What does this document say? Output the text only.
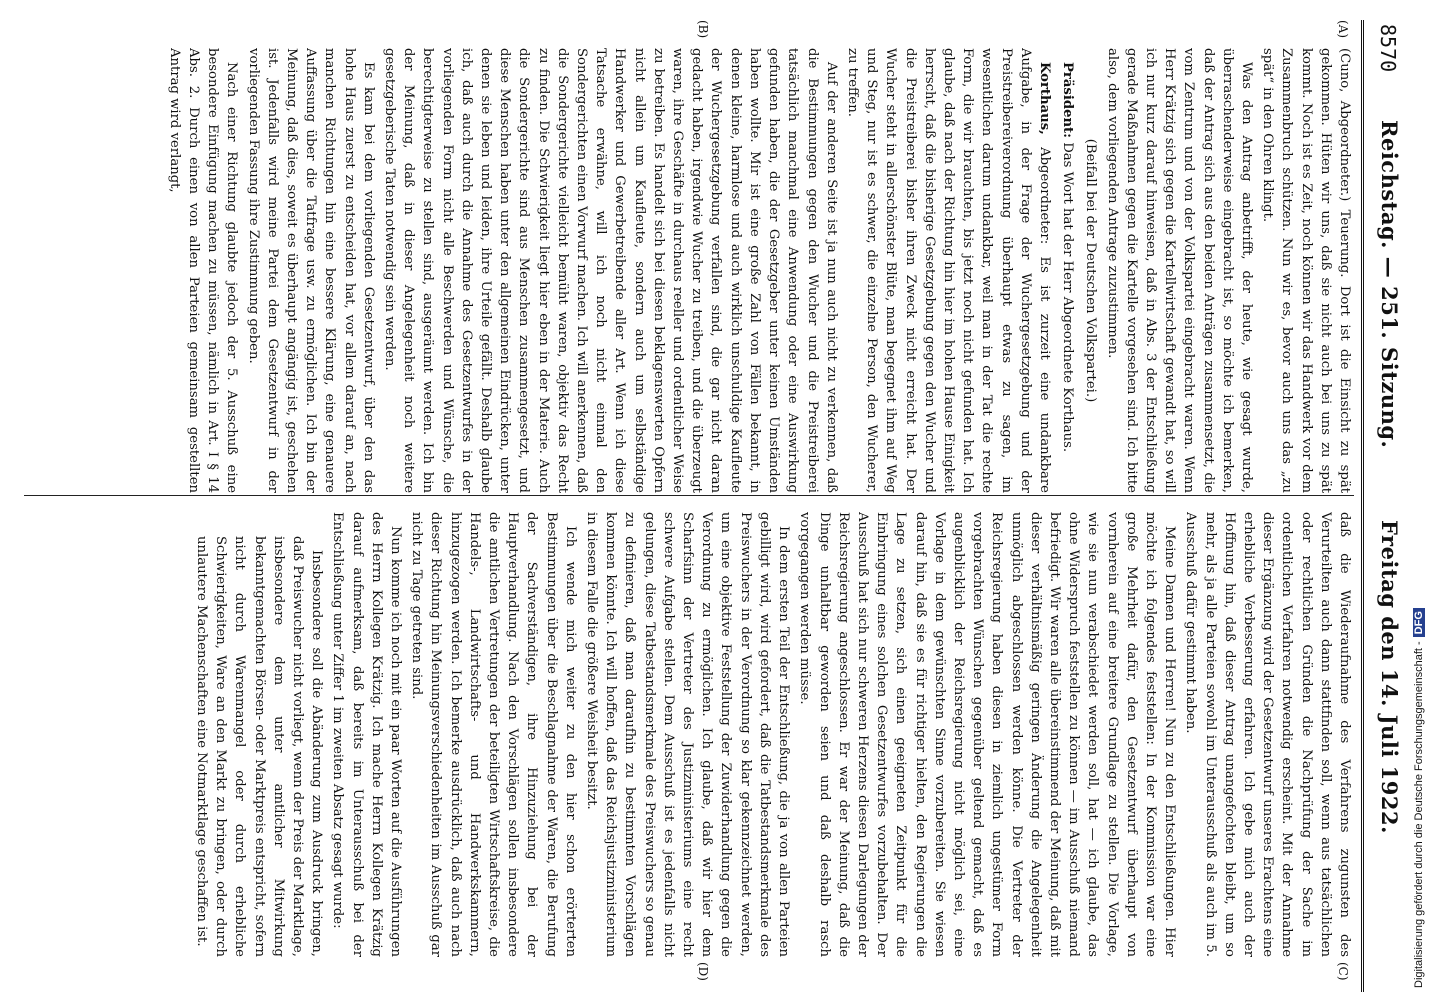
8570
Reichstag. — 251. Sitzung.
Freitag den 14. Juli 1922.
(A)
(B)
(C)
(D)

(Cuno, Abgeordneter.) Teuerung. Dort ist die Einsicht zu spät gekommen. Hüten wir uns, daß sie nicht auch bei uns zu spät kommt. Noch ist es Zeit, noch können wir das Handwerk vor dem Zusammenbruch schützen. Nun wir es, bevor auch uns das „zu spät“ in den Ohren klingt.

Was den Antrag anbetrifft, der heute, wie gesagt wurde, überraschenderweise eingebracht ist, so möchte ich bemerken, daß der Antrag sich aus den beiden Anträgen zusammensetzt, die vom Zentrum und von der Volkspartei eingebracht waren. Wenn Herr Krätzig sich gegen die Kartellwirtschaft gewandt hat, so will ich nur kurz darauf hinweisen, daß in Abs. 3 der Entschließung gerade Maßnahmen gegen die Kartelle vorgesehen sind. Ich bitte also, dem vorliegenden Antrage zuzustimmen.

(Beifall bei der Deutschen Volkspartei.)

Präsident: Das Wort hat der Herr Abgeordnete Korthaus.

Korthaus, Abgeordneter: Es ist zurzeit eine undankbare Aufgabe, in der Frage der Wuchergesetzgebung und der Preistreibereiverordnung überhaupt etwas zu sagen, im wesentlichen darum undankbar, weil man in der Tat die rechte Form, die wir brauchten, bis jetzt noch nicht gefunden hat. Ich glaube, daß nach der Richtung hin hier im hohen Hause Einigkeit herrscht, daß die bisherige Gesetzgebung gegen den Wucher und die Preistreiberei bisher ihren Zweck nicht erreicht hat. Der Wucher steht in allerschönster Blüte, man begegnet ihm auf Weg und Steg, nur ist es schwer, die einzelne Person, den Wucherer, zu treffen.

Auf der anderen Seite ist ja nun auch nicht zu verkennen, daß die Bestimmungen gegen den Wucher und die Preistreiberei tatsächlich manchmal eine Anwendung oder eine Auswirkung gefunden haben, die der Gesetzgeber unter keinen Umständen haben wollte. Mir ist eine große Zahl von Fällen bekannt, in denen kleine, harmlose und auch wirklich unschuldige Kaufleute der Wuchergesetzgebung verfallen sind, die gar nicht daran gedacht haben, irgendwie Wucher zu treiben, und die überzeugt waren, ihre Geschäfte in durchaus reeller und ordentlicher Weise zu betreiben. Es handelt sich bei diesen beklagenswerten Opfern nicht allein um Kaufleute, sondern auch um selbständige Handwerker und Gewerbetreibende aller Art. Wenn ich diese Tatsache erwähne, will ich noch nicht einmal den Sondergerichten einen Vorwurf machen. Ich will anerkennen, daß die Sondergerichte vielleicht bemüht waren, objektiv das Recht zu finden. Die Schwierigkeit liegt hier eben in der Materie. Auch die Sondergerichte sind aus Menschen zusammengesetzt, und diese Menschen haben unter den allgemeinen Eindrücken, unter denen sie leben und leiden, ihre Urteile gefällt. Deshalb glaube ich, daß auch durch die Annahme des Gesetzentwurfes in der vorliegenden Form nicht alle Beschwerden und Wünsche, die berechtigterweise zu stellen sind, ausgeräumt werden. Ich bin der Meinung, daß in dieser Angelegenheit noch weitere gesetzgeberische Taten notwendig sein werden.

Es kam bei dem vorliegenden Gesetzentwurf, über den das hohe Haus zuerst zu entscheiden hat, vor allem darauf an, nach manchen Richtungen hin eine bessere Klärung, eine genauere Auffassung über die Tatfrage usw. zu ermöglichen. Ich bin der Meinung, daß dies, soweit es überhaupt angängig ist, geschehen ist. Jedenfalls wird meine Partei dem Gesetzentwurf in der vorliegenden Fassung ihre Zustimmung geben.

Nach einer Richtung glaubte jedoch der 5. Ausschuß eine besondere Einfügung machen zu müssen, nämlich in Art. I § 14 Abs. 2. Durch einen von allen Parteien gemeinsam gestellten Antrag wird verlangt,

daß die Wiederaufnahme des Verfahrens zugunsten des Verurteilten auch dann stattfinden soll, wenn aus tatsächlichen oder rechtlichen Gründen die Nachprüfung der Sache im ordentlichen Verfahren notwendig erscheint. Mit der Annahme dieser Ergänzung wird der Gesetzentwurf unseres Erachtens eine erhebliche Verbesserung erfahren. Ich gebe mich auch der Hoffnung hin, daß dieser Antrag unangefochten bleibt, um so mehr, als ja alle Parteien sowohl im Unterausschuß als auch im 5. Ausschuß dafür gestimmt haben.

Meine Damen und Herren! Nun zu den Entschließungen. Hier möchte ich folgendes feststellen: In der Kommission war eine große Mehrheit dafür, den Gesetzentwurf überhaupt von vornherein auf eine breitere Grundlage zu stellen. Die Vorlage, wie sie nun verabschiedet werden soll, hat — ich glaube, das ohne Widerspruch feststellen zu können — im Ausschuß niemand befriedigt. Wir waren alle übereinstimmend der Meinung, daß mit dieser verhältnismäßig geringen Änderung die Angelegenheit unmöglich abgeschlossen werden könne. Die Vertreter der Reichsregierung haben diesen in ziemlich ungestümer Form vorgebrachten Wünschen gegenüber geltend gemacht, daß es augenblicklich der Reichsregierung nicht möglich sei, eine Vorlage in dem gewünschten Sinne vorzubereiten. Sie wiesen darauf hin, daß sie es für richtiger hielten, den Regierungen die Lage zu setzen, sich einen geeigneten Zeitpunkt für die Einbringung eines solchen Gesetzentwurfes vorzubehalten. Der Ausschuß hat sich nur schweren Herzens diesen Darlegungen der Reichsregierung angeschlossen. Er war der Meinung, daß die Dinge unhaltbar geworden seien und daß deshalb rasch vorgegangen werden müsse.

In dem ersten Teil der Entschließung, die ja von allen Parteien gebilligt wird, wird gefordert, daß die Tatbestandsmerkmale des Preiswuchers in der Verordnung so klar gekennzeichnet werden, um eine objektive Feststellung der Zuwiderhandlung gegen die Verordnung zu ermöglichen. Ich glaube, daß wir hier dem Scharfsinn der Vertreter des Justizministeriums eine recht schwere Aufgabe stellen. Dem Ausschuß ist es jedenfalls nicht gelungen, diese Tatbestandsmerkmale des Preiswuchers so genau zu definieren, daß man daraufhin zu bestimmten Vorschlägen kommen könnte. Ich will hoffen, daß das Reichsjustizministerium in diesem Falle die größere Weisheit besitzt.

Ich wende mich weiter zu den hier schon erörterten Bestimmungen über die Beschlagnahme der Waren, die Berufung der Sachverständigen, ihre Hinzuziehung bei der Hauptverhandlung. Nach den Vorschlägen sollen insbesondere die amtlichen Vertretungen der beteiligten Wirtschaftskreise, die Handels-, Landwirtschafts- und Handwerkskammern, hinzugezogen werden. Ich bemerke ausdrücklich, daß auch nach dieser Richtung hin Meinungsverschiedenheiten im Ausschuß gar nicht zu Tage getreten sind.

Nun komme ich noch mit ein paar Worten auf die Ausführungen des Herrn Kollegen Krätzig. Ich mache Herrn Kollegen Krätzig darauf aufmerksam, daß bereits im Unterausschuß bei der Entschließung unter Ziffer 1 im zweiten Absatz gesagt wurde:

Insbesondere soll die Abänderung zum Ausdruck bringen, daß Preiswucher nicht vorliegt, wenn der Preis der Marktlage, insbesondere dem unter amtlicher Mitwirkung bekanntgemachten Börsen- oder Marktpreis entspricht, sofern nicht durch Warenmangel oder durch erhebliche Schwierigkeiten, Ware an den Markt zu bringen, oder durch unlautere Machenschaften eine Notmarktlage geschaffen ist.	Digitalisierung gefördert durch die Deutsche Forschungsgemeinschaft -DFG
